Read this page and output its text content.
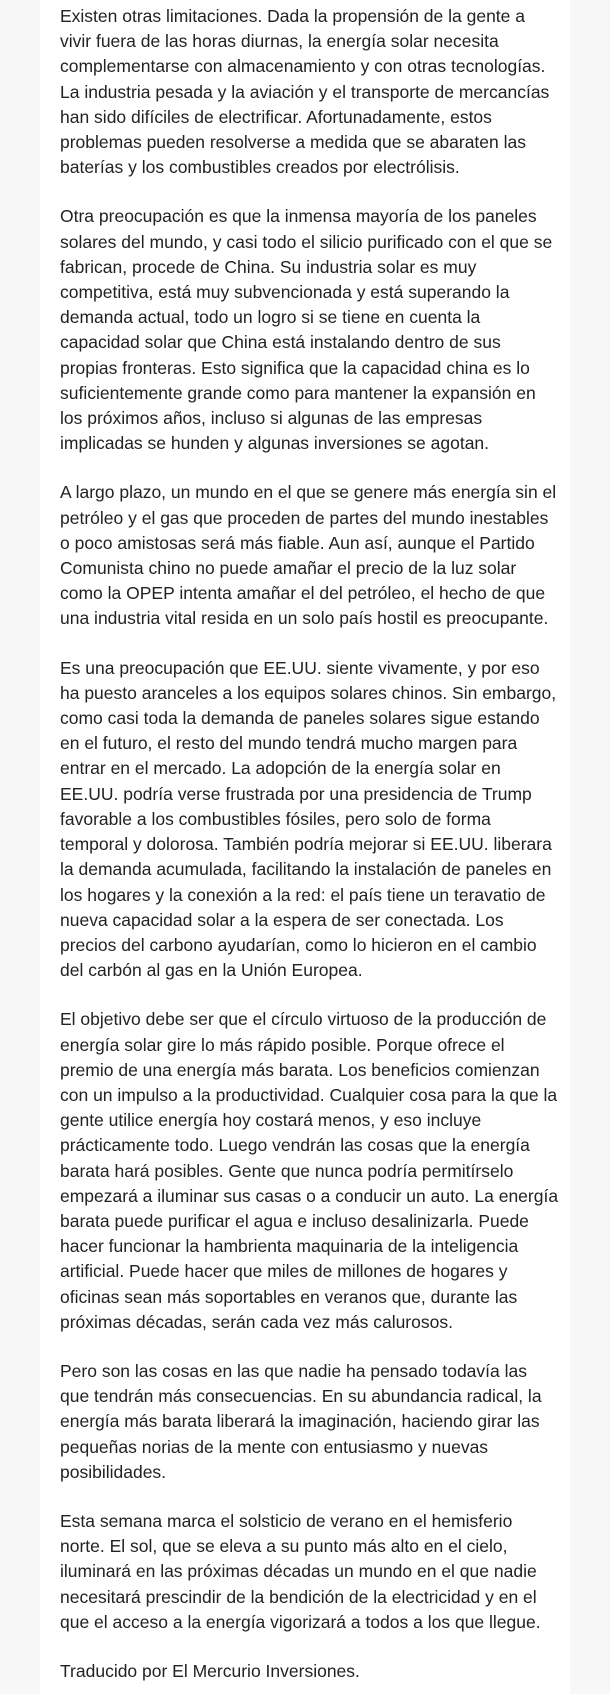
Existen otras limitaciones. Dada la propensión de la gente a vivir fuera de las horas diurnas, la energía solar necesita complementarse con almacenamiento y con otras tecnologías. La industria pesada y la aviación y el transporte de mercancías han sido difíciles de electrificar. Afortunadamente, estos problemas pueden resolverse a medida que se abaraten las baterías y los combustibles creados por electrólisis.

Otra preocupación es que la inmensa mayoría de los paneles solares del mundo, y casi todo el silicio purificado con el que se fabrican, procede de China. Su industria solar es muy competitiva, está muy subvencionada y está superando la demanda actual, todo un logro si se tiene en cuenta la capacidad solar que China está instalando dentro de sus propias fronteras. Esto significa que la capacidad china es lo suficientemente grande como para mantener la expansión en los próximos años, incluso si algunas de las empresas implicadas se hunden y algunas inversiones se agotan.

A largo plazo, un mundo en el que se genere más energía sin el petróleo y el gas que proceden de partes del mundo inestables o poco amistosas será más fiable. Aun así, aunque el Partido Comunista chino no puede amañar el precio de la luz solar como la OPEP intenta amañar el del petróleo, el hecho de que una industria vital resida en un solo país hostil es preocupante.

Es una preocupación que EE.UU. siente vivamente, y por eso ha puesto aranceles a los equipos solares chinos. Sin embargo, como casi toda la demanda de paneles solares sigue estando en el futuro, el resto del mundo tendrá mucho margen para entrar en el mercado. La adopción de la energía solar en EE.UU. podría verse frustrada por una presidencia de Trump favorable a los combustibles fósiles, pero solo de forma temporal y dolorosa. También podría mejorar si EE.UU. liberara la demanda acumulada, facilitando la instalación de paneles en los hogares y la conexión a la red: el país tiene un teravatio de nueva capacidad solar a la espera de ser conectada. Los precios del carbono ayudarían, como lo hicieron en el cambio del carbón al gas en la Unión Europea.

El objetivo debe ser que el círculo virtuoso de la producción de energía solar gire lo más rápido posible. Porque ofrece el premio de una energía más barata. Los beneficios comienzan con un impulso a la productividad. Cualquier cosa para la que la gente utilice energía hoy costará menos, y eso incluye prácticamente todo. Luego vendrán las cosas que la energía barata hará posibles. Gente que nunca podría permitírselo empezará a iluminar sus casas o a conducir un auto. La energía barata puede purificar el agua e incluso desalinizarla. Puede hacer funcionar la hambrienta maquinaria de la inteligencia artificial. Puede hacer que miles de millones de hogares y oficinas sean más soportables en veranos que, durante las próximas décadas, serán cada vez más calurosos.

Pero son las cosas en las que nadie ha pensado todavía las que tendrán más consecuencias. En su abundancia radical, la energía más barata liberará la imaginación, haciendo girar las pequeñas norias de la mente con entusiasmo y nuevas posibilidades.

Esta semana marca el solsticio de verano en el hemisferio norte. El sol, que se eleva a su punto más alto en el cielo, iluminará en las próximas décadas un mundo en el que nadie necesitará prescindir de la bendición de la electricidad y en el que el acceso a la energía vigorizará a todos a los que llegue.

Traducido por El Mercurio Inversiones.
